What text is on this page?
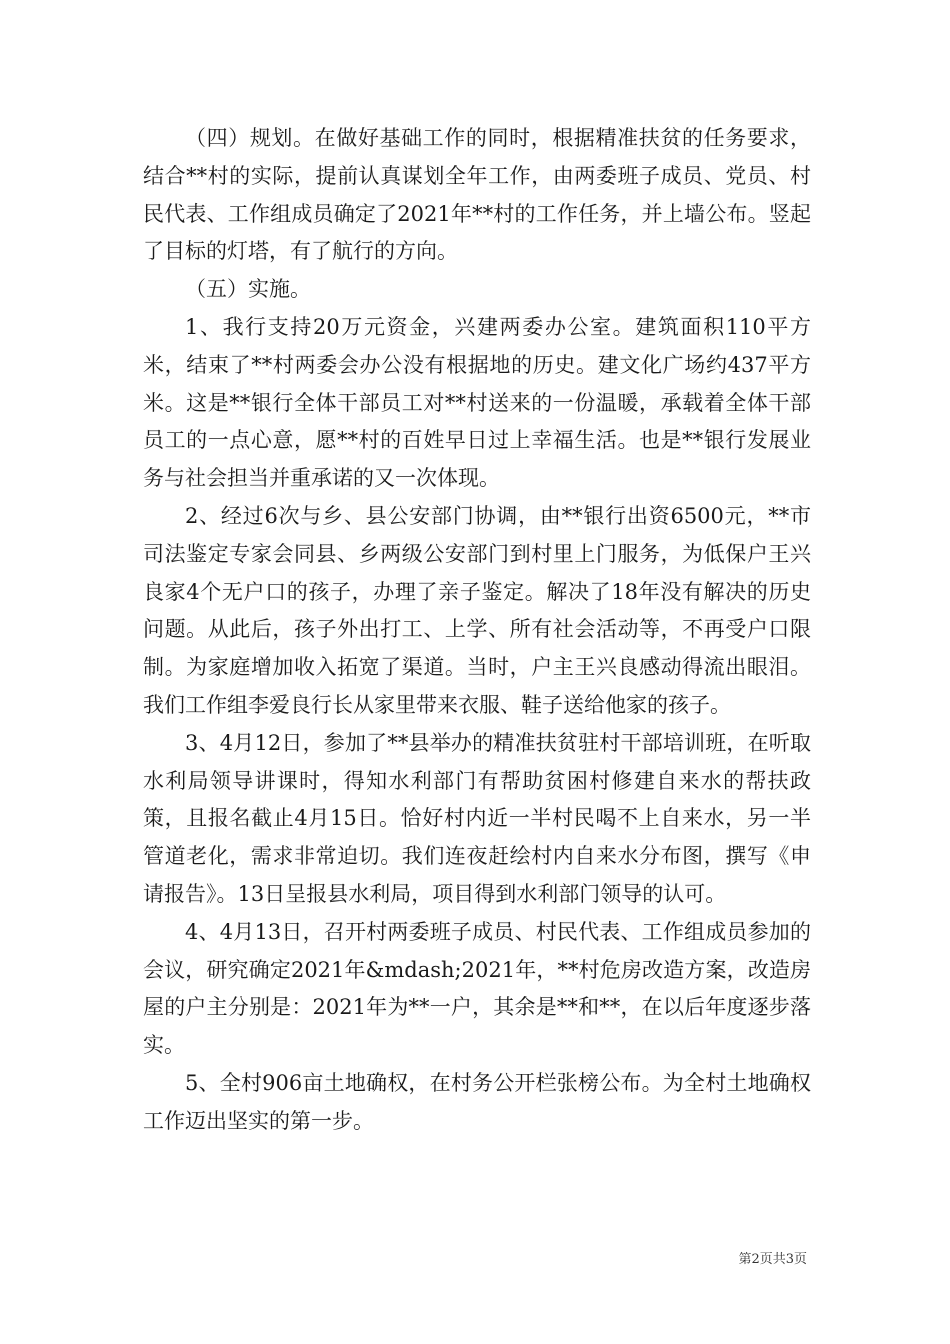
（四）规划。在做好基础工作的同时，根据精准扶贫的任务要求，结合**村的实际，提前认真谋划全年工作，由两委班子成员、党员、村民代表、工作组成员确定了2021年**村的工作任务，并上墙公布。竖起了目标的灯塔，有了航行的方向。

（五）实施。

1、我行支持20万元资金，兴建两委办公室。建筑面积110平方米，结束了**村两委会办公没有根据地的历史。建文化广场约437平方米。这是**银行全体干部员工对**村送来的一份温暖，承载着全体干部员工的一点心意，愿**村的百姓早日过上幸福生活。也是**银行发展业务与社会担当并重承诺的又一次体现。

2、经过6次与乡、县公安部门协调，由**银行出资6500元，**市司法鉴定专家会同县、乡两级公安部门到村里上门服务，为低保户王兴良家4个无户口的孩子，办理了亲子鉴定。解决了18年没有解决的历史问题。从此后，孩子外出打工、上学、所有社会活动等，不再受户口限制。为家庭增加收入拓宽了渠道。当时，户主王兴良感动得流出眼泪。我们工作组李爱良行长从家里带来衣服、鞋子送给他家的孩子。

3、4月12日，参加了**县举办的精准扶贫驻村干部培训班，在听取水利局领导讲课时，得知水利部门有帮助贫困村修建自来水的帮扶政策，且报名截止4月15日。恰好村内近一半村民喝不上自来水，另一半管道老化，需求非常迫切。我们连夜赶绘村内自来水分布图，撰写《申请报告》。13日呈报县水利局，项目得到水利部门领导的认可。

4、4月13日，召开村两委班子成员、村民代表、工作组成员参加的会议，研究确定2021年&mdash;2021年，**村危房改造方案，改造房屋的户主分别是：2021年为**一户，其余是**和**，在以后年度逐步落实。

5、全村906亩土地确权，在村务公开栏张榜公布。为全村土地确权工作迈出坚实的第一步。

第2页共3页
